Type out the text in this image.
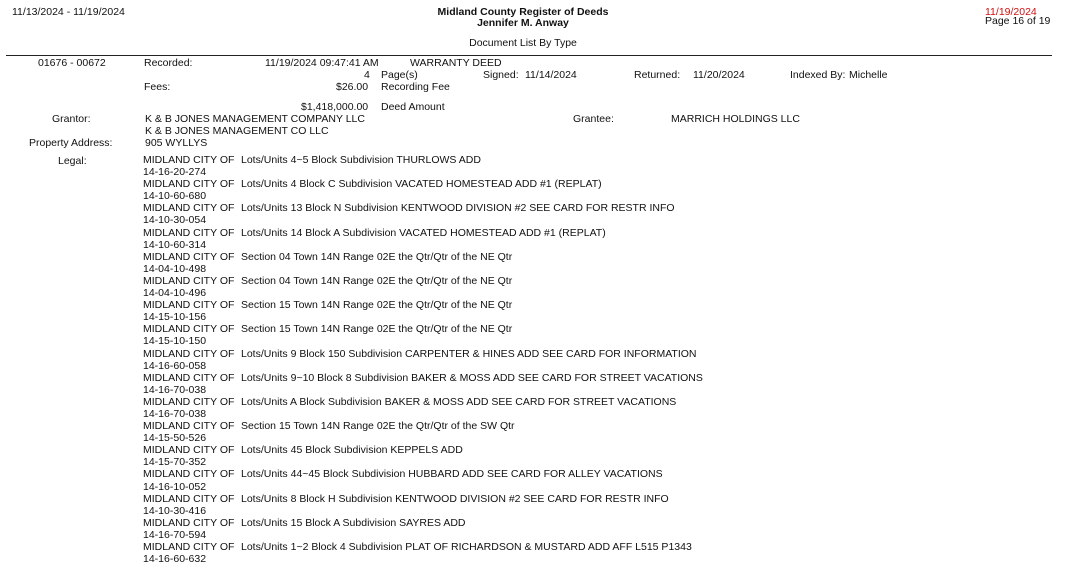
11/13/2024 - 11/19/2024	Midland County Register of Deeds
Jennifer M. Anway
Document List By Type
11/19/2024
Page 16 of 19
01676 - 00672	Recorded:	11/19/2024 09:47:41 AM	WARRANTY DEED
4 Page(s)	Signed: 11/14/2024	Returned: 11/20/2024	Indexed By: Michelle
Fees:	$26.00 Recording Fee
$1,418,000.00 Deed Amount
Grantor:	K & B JONES MANAGEMENT COMPANY LLC
K & B JONES MANAGEMENT CO LLC
Grantee:	MARRICH HOLDINGS LLC
Property Address:	905 WYLLYS
Legal:	MIDLAND CITY OF Lots/Units 4~5 Block Subdivision THURLOWS ADD
14-16-20-274
MIDLAND CITY OF Lots/Units 4 Block C Subdivision VACATED HOMESTEAD ADD #1 (REPLAT)
14-10-60-680
MIDLAND CITY OF Lots/Units 13 Block N Subdivision KENTWOOD DIVISION #2 SEE CARD FOR RESTR INFO
14-10-30-054
MIDLAND CITY OF Lots/Units 14 Block A Subdivision VACATED HOMESTEAD ADD #1 (REPLAT)
14-10-60-314
MIDLAND CITY OF Section 04 Town 14N Range 02E the Qtr/Qtr of the NE Qtr
14-04-10-498
MIDLAND CITY OF Section 04 Town 14N Range 02E the Qtr/Qtr of the NE Qtr
14-04-10-496
MIDLAND CITY OF Section 15 Town 14N Range 02E the Qtr/Qtr of the NE Qtr
14-15-10-156
MIDLAND CITY OF Section 15 Town 14N Range 02E the Qtr/Qtr of the NE Qtr
14-15-10-150
MIDLAND CITY OF Lots/Units 9 Block 150 Subdivision CARPENTER & HINES ADD SEE CARD FOR INFORMATION
14-16-60-058
MIDLAND CITY OF Lots/Units 9~10 Block 8 Subdivision BAKER & MOSS ADD SEE CARD FOR STREET VACATIONS
14-16-70-038
MIDLAND CITY OF Lots/Units A Block Subdivision BAKER & MOSS ADD SEE CARD FOR STREET VACATIONS
14-16-70-038
MIDLAND CITY OF Section 15 Town 14N Range 02E the Qtr/Qtr of the SW Qtr
14-15-50-526
MIDLAND CITY OF Lots/Units 45 Block Subdivision KEPPELS ADD
14-15-70-352
MIDLAND CITY OF Lots/Units 44~45 Block Subdivision HUBBARD ADD SEE CARD FOR ALLEY VACATIONS
14-16-10-052
MIDLAND CITY OF Lots/Units 8 Block H Subdivision KENTWOOD DIVISION #2 SEE CARD FOR RESTR INFO
14-10-30-416
MIDLAND CITY OF Lots/Units 15 Block A Subdivision SAYRES ADD
14-16-70-594
MIDLAND CITY OF Lots/Units 1~2 Block 4 Subdivision PLAT OF RICHARDSON & MUSTARD ADD AFF L515 P1343
14-16-60-632
